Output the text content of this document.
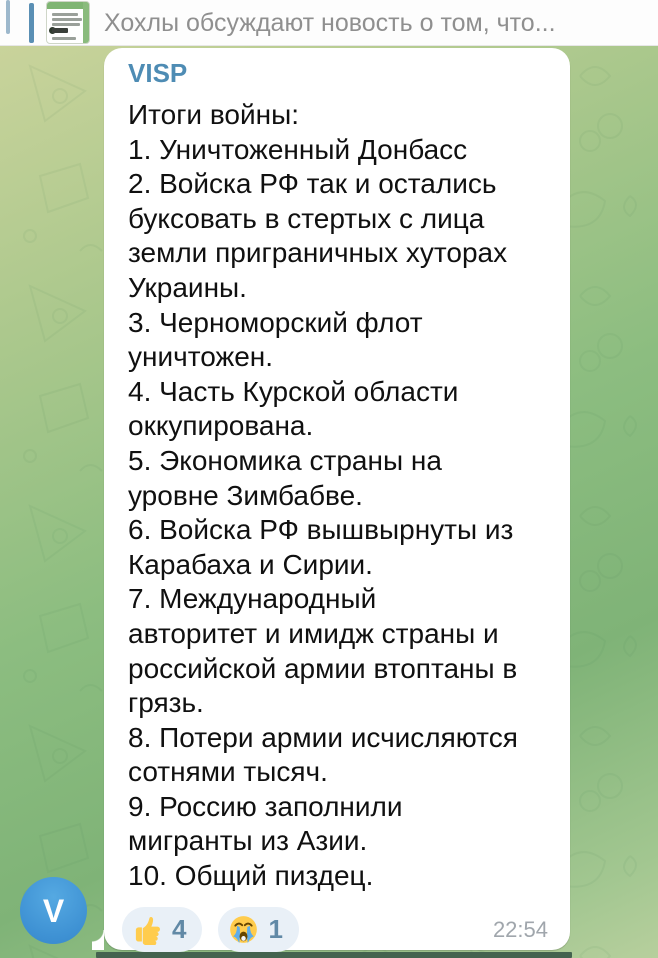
Хохлы обсуждают новость о том, что...
VISP
Итоги войны:
1. Уничтоженный Донбасс
2. Войска РФ так и остались
буксовать в стертых с лица
земли приграничных хуторах
Украины.
3. Черноморский флот
уничтожен.
4. Часть Курской области
оккупирована.
5. Экономика страны на
уровне Зимбабве.
6. Войска РФ вышвырнуты из
Карабаха и Сирии.
7. Международный
авторитет и имидж страны и
российской армии втоптаны в
грязь.
8. Потери армии исчисляются
сотнями тысяч.
9. Россию заполнили
мигранты из Азии.
10. Общий пиздец.
4	1	22:54
V
